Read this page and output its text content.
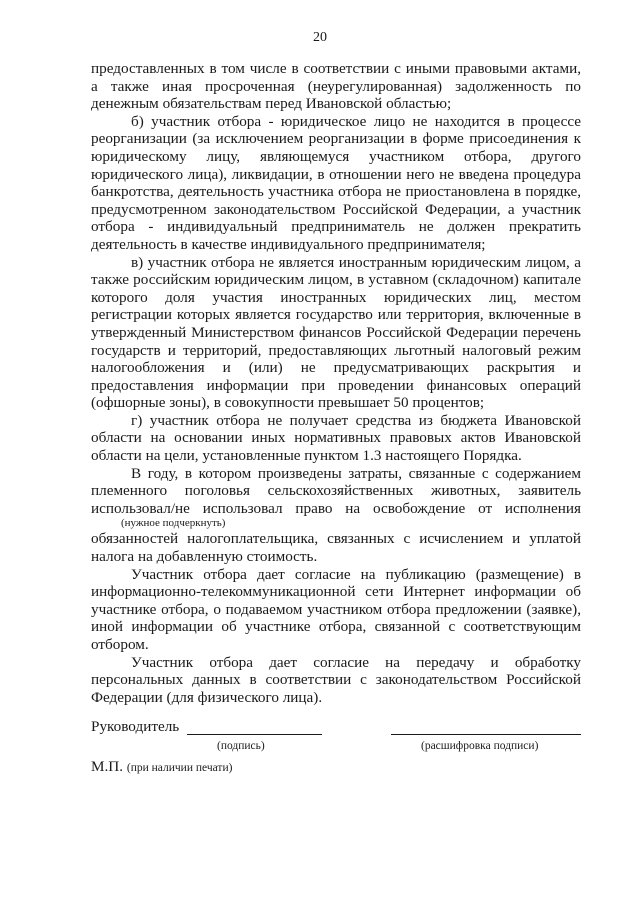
20

предоставленных в том числе в соответствии с иными правовыми актами, а также иная просроченная (неурегулированная) задолженность по денежным обязательствам перед Ивановской областью;

б) участник отбора - юридическое лицо не находится в процессе реорганизации (за исключением реорганизации в форме присоединения к юридическому лицу, являющемуся участником отбора, другого юридического лица), ликвидации, в отношении него не введена процедура банкротства, деятельность участника отбора не приостановлена в порядке, предусмотренном законодательством Российской Федерации, а участник отбора - индивидуальный предприниматель не должен прекратить деятельность в качестве индивидуального предпринимателя;

в) участник отбора не является иностранным юридическим лицом, а также российским юридическим лицом, в уставном (складочном) капитале которого доля участия иностранных юридических лиц, местом регистрации которых является государство или территория, включенные в утвержденный Министерством финансов Российской Федерации перечень государств и территорий, предоставляющих льготный налоговый режим налогообложения и (или) не предусматривающих раскрытия и предоставления информации при проведении финансовых операций (офшорные зоны), в совокупности превышает 50 процентов;

г) участник отбора не получает средства из бюджета Ивановской области на основании иных нормативных правовых актов Ивановской области на цели, установленные пунктом 1.3 настоящего Порядка.

В году, в котором произведены затраты, связанные с содержанием племенного поголовья сельскохозяйственных животных, заявитель использовал/не использовал право на освобождение от исполнения

(нужное подчеркнуть)

обязанностей налогоплательщика, связанных с исчислением и уплатой налога на добавленную стоимость.

Участник отбора дает согласие на публикацию (размещение) в информационно-телекоммуникационной сети Интернет информации об участнике отбора, о подаваемом участником отбора предложении (заявке), иной информации об участнике отбора, связанной с соответствующим отбором.

Участник отбора дает согласие на передачу и обработку персональных данных в соответствии с законодательством Российской Федерации (для физического лица).

Руководитель
(подпись)	(расшифровка подписи)
М.П. (при наличии печати)
